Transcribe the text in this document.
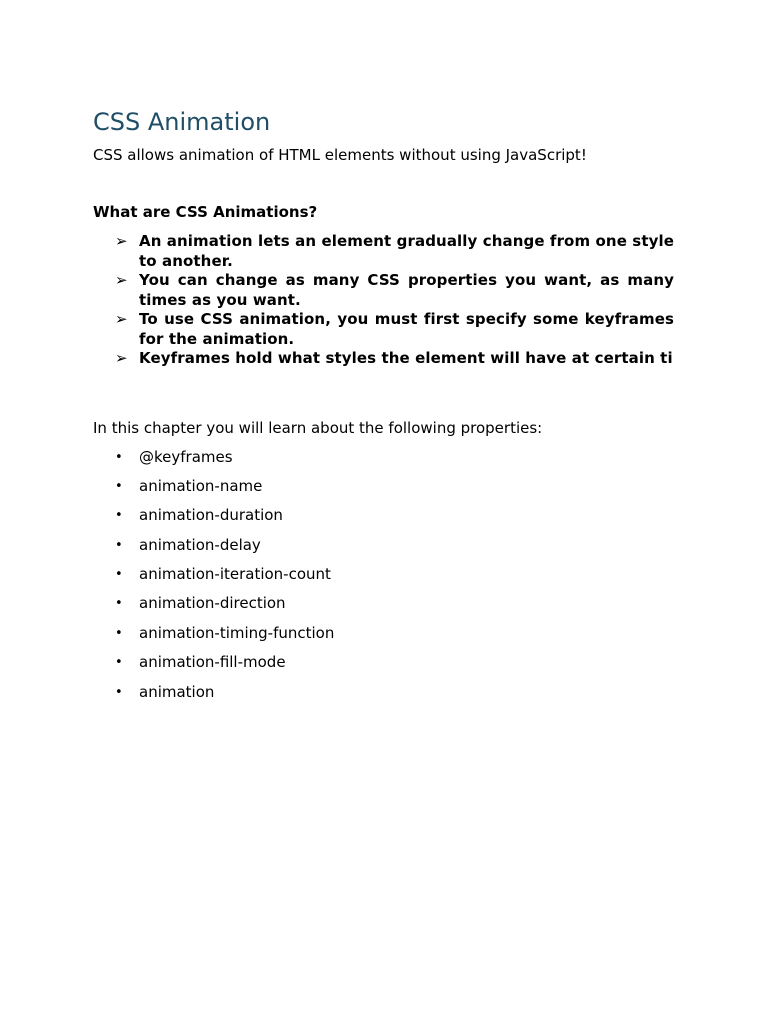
CSS Animation

CSS allows animation of HTML elements without using JavaScript!

What are CSS Animations?

➢ An animation lets an element gradually change from one style to another.
➢ You can change as many CSS properties you want, as many times as you want.
➢ To use CSS animation, you must first specify some keyframes for the animation.
➢ Keyframes hold what styles the element will have at certain ti

In this chapter you will learn about the following properties:

• @keyframes
• animation-name
• animation-duration
• animation-delay
• animation-iteration-count
• animation-direction
• animation-timing-function
• animation-fill-mode
• animation
